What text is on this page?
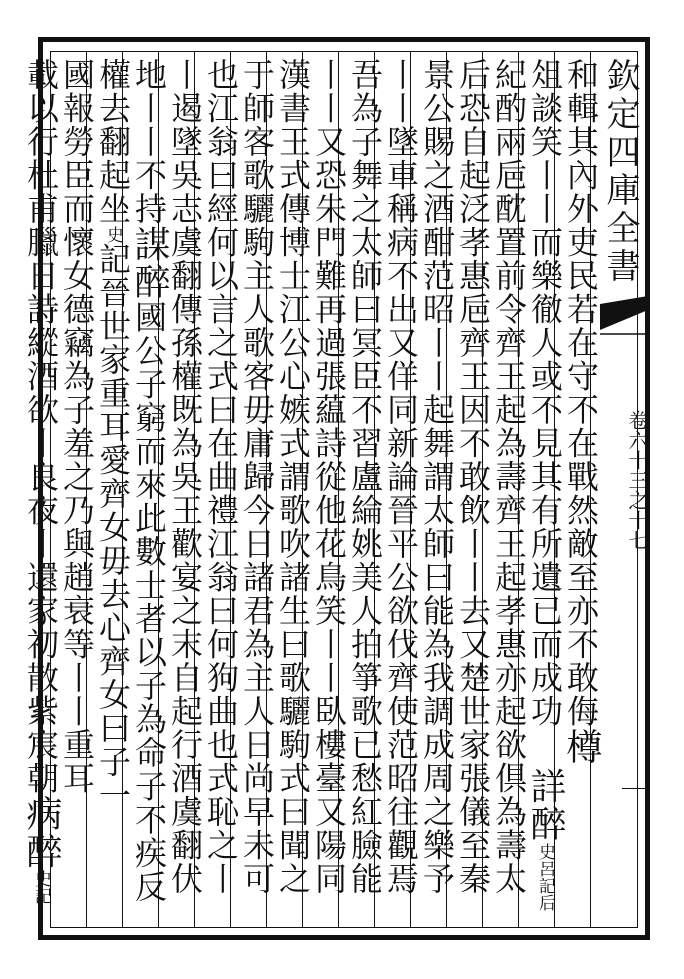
和輯其內外吏民若在守不在戰然敵至亦不敢侮樽
俎談笑丨丨而樂徹人或不見其有所遺已而成功 詳醉史呂記后
紀酌兩巵酖置前令齊王起為壽齊王起孝惠亦起欲倶為壽太
后恐自起泛孝惠巵齊王因不敢飲丨丨去又楚世家張儀至秦
景公賜之酒酣范昭丨丨起舞謂太師曰能為我調成周之樂予
丨丨墜車稱病不出又佯同新論晉平公欲伐齊使范昭往觀焉
吾為子舞之太師曰冥臣不習盧綸姚美人拍箏歌已愁紅臉能
丨丨又恐朱門難再過張藴詩從他花鳥笑丨丨臥樓臺又陽同
漢書王式傳博士江公心嫉式謂歌吹諸生曰歌驪駒式曰聞之
于師客歌驪駒主人歌客毋庸歸今日諸君為主人日尚早未可
也江翁曰經何以言之式曰在曲禮江翁曰何狗曲也式恥之丨
丨遏墜吳志虞翻傳孫權既為吳王歡宴之末自起行酒虞翻伏
地丨丨不持謀醉國公子窮而來此數士者以子為命子不疾反
權去翻起坐史記晉世家重耳愛齊女毋去心齊女曰子一
國報勞臣而懷女德竊為子羞之乃與趙衰等丨丨重耳
載以行杜甫臘日詩縱酒欲丨良夜丨還家初散紫宸朝病醉史記
欽定四庫全書
卷六十三之十七
